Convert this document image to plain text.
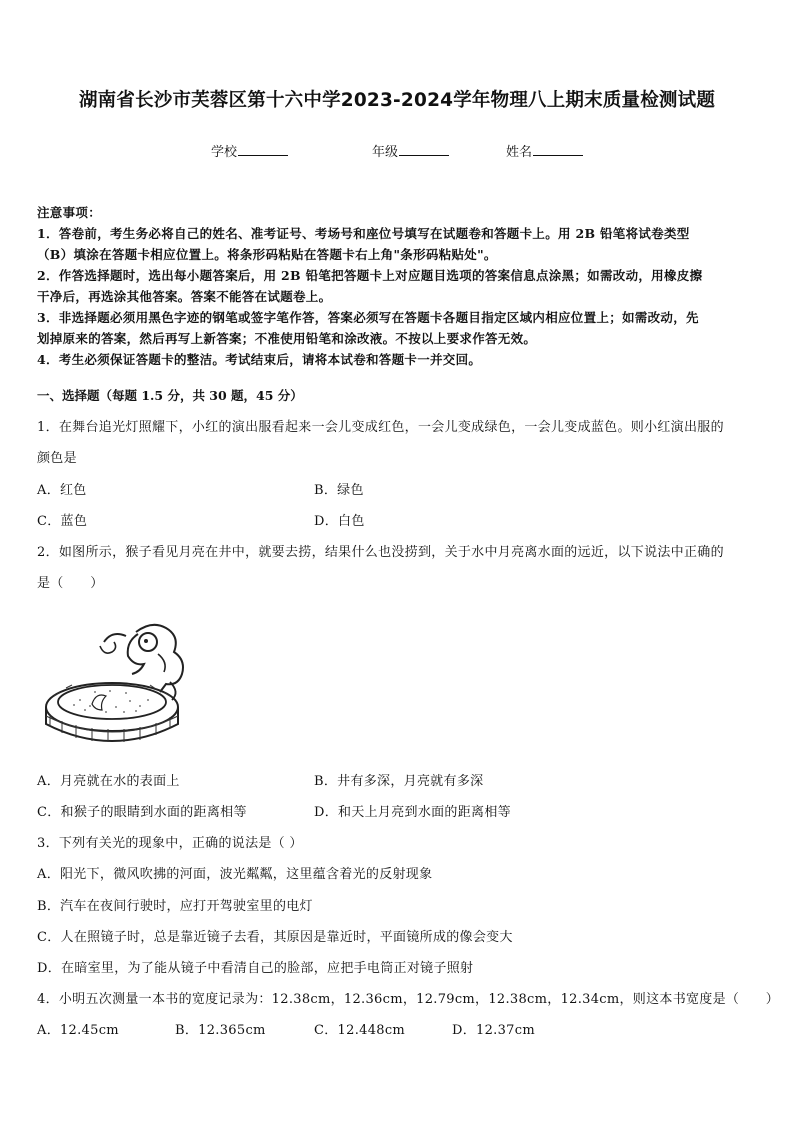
湖南省长沙市芙蓉区第十六中学2023-2024学年物理八上期末质量检测试题
学校	年级	姓名
注意事项：
1．答卷前，考生务必将自己的姓名、准考证号、考场号和座位号填写在试题卷和答题卡上。用 2B 铅笔将试卷类型
（B）填涂在答题卡相应位置上。将条形码粘贴在答题卡右上角"条形码粘贴处"。
2．作答选择题时，选出每小题答案后，用 2B 铅笔把答题卡上对应题目选项的答案信息点涂黑；如需改动，用橡皮擦
干净后，再选涂其他答案。答案不能答在试题卷上。
3．非选择题必须用黑色字迹的钢笔或签字笔作答，答案必须写在答题卡各题目指定区域内相应位置上；如需改动，先
划掉原来的答案，然后再写上新答案；不准使用铅笔和涂改液。不按以上要求作答无效。
4．考生必须保证答题卡的整洁。考试结束后，请将本试卷和答题卡一并交回。
一、选择题（每题 1.5 分，共 30 题，45 分）
1．在舞台追光灯照耀下，小红的演出服看起来一会儿变成红色，一会儿变成绿色，一会儿变成蓝色。则小红演出服的
颜色是
A．红色	B．绿色
C．蓝色	D．白色
2．如图所示，猴子看见月亮在井中，就要去捞，结果什么也没捞到，关于水中月亮离水面的远近，以下说法中正确的
是（　　）
A．月亮就在水的表面上	B．井有多深，月亮就有多深
C．和猴子的眼睛到水面的距离相等	D．和天上月亮到水面的距离相等
3．下列有关光的现象中，正确的说法是（ ）
A．阳光下，微风吹拂的河面，波光粼粼，这里蕴含着光的反射现象
B．汽车在夜间行驶时，应打开驾驶室里的电灯
C．人在照镜子时，总是靠近镜子去看，其原因是靠近时，平面镜所成的像会变大
D．在暗室里，为了能从镜子中看清自己的脸部，应把手电筒正对镜子照射
4．小明五次测量一本书的宽度记录为：12.38cm，12.36cm，12.79cm，12.38cm，12.34cm，则这本书宽度是（　　）
A．12.45cm	B．12.365cm	C．12.448cm	D．12.37cm
